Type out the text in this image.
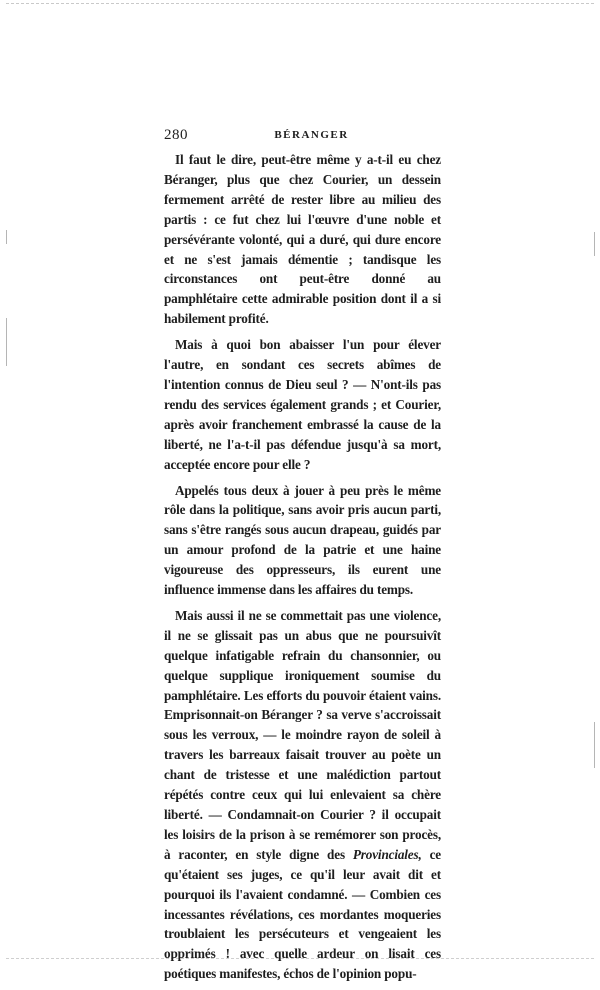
280	BÉRANGER

Il faut le dire, peut-être même y a-t-il eu chez Béranger, plus que chez Courier, un dessein fermement arrêté de rester libre au milieu des partis : ce fut chez lui l'œuvre d'une noble et persévérante volonté, qui a duré, qui dure encore et ne s'est jamais démentie ; tandisque les circonstances ont peut-être donné au pamphlétaire cette admirable position dont il a si habilement profité.

Mais à quoi bon abaisser l'un pour élever l'autre, en sondant ces secrets abîmes de l'intention connus de Dieu seul ? — N'ont-ils pas rendu des services également grands ; et Courier, après avoir franchement embrassé la cause de la liberté, ne l'a-t-il pas défendue jusqu'à sa mort, acceptée encore pour elle ?

Appelés tous deux à jouer à peu près le même rôle dans la politique, sans avoir pris aucun parti, sans s'être rangés sous aucun drapeau, guidés par un amour profond de la patrie et une haine vigoureuse des oppresseurs, ils eurent une influence immense dans les affaires du temps.

Mais aussi il ne se commettait pas une violence, il ne se glissait pas un abus que ne poursuivît quelque infatigable refrain du chansonnier, ou quelque supplique ironiquement soumise du pamphlétaire. Les efforts du pouvoir étaient vains. Emprisonnait-on Béranger ? sa verve s'accroissait sous les verroux, — le moindre rayon de soleil à travers les barreaux faisait trouver au poète un chant de tristesse et une malédiction partout répétés contre ceux qui lui enlevaient sa chère liberté. — Condamnait-on Courier ? il occupait les loisirs de la prison à se remémorer son procès, à raconter, en style digne des Provinciales, ce qu'étaient ses juges, ce qu'il leur avait dit et pourquoi ils l'avaient condamné. — Combien ces incessantes révélations, ces mordantes moqueries troublaient les persécuteurs et vengeaient les opprimés ! avec quelle ardeur on lisait ces poétiques manifestes, échos de l'opinion popu-
